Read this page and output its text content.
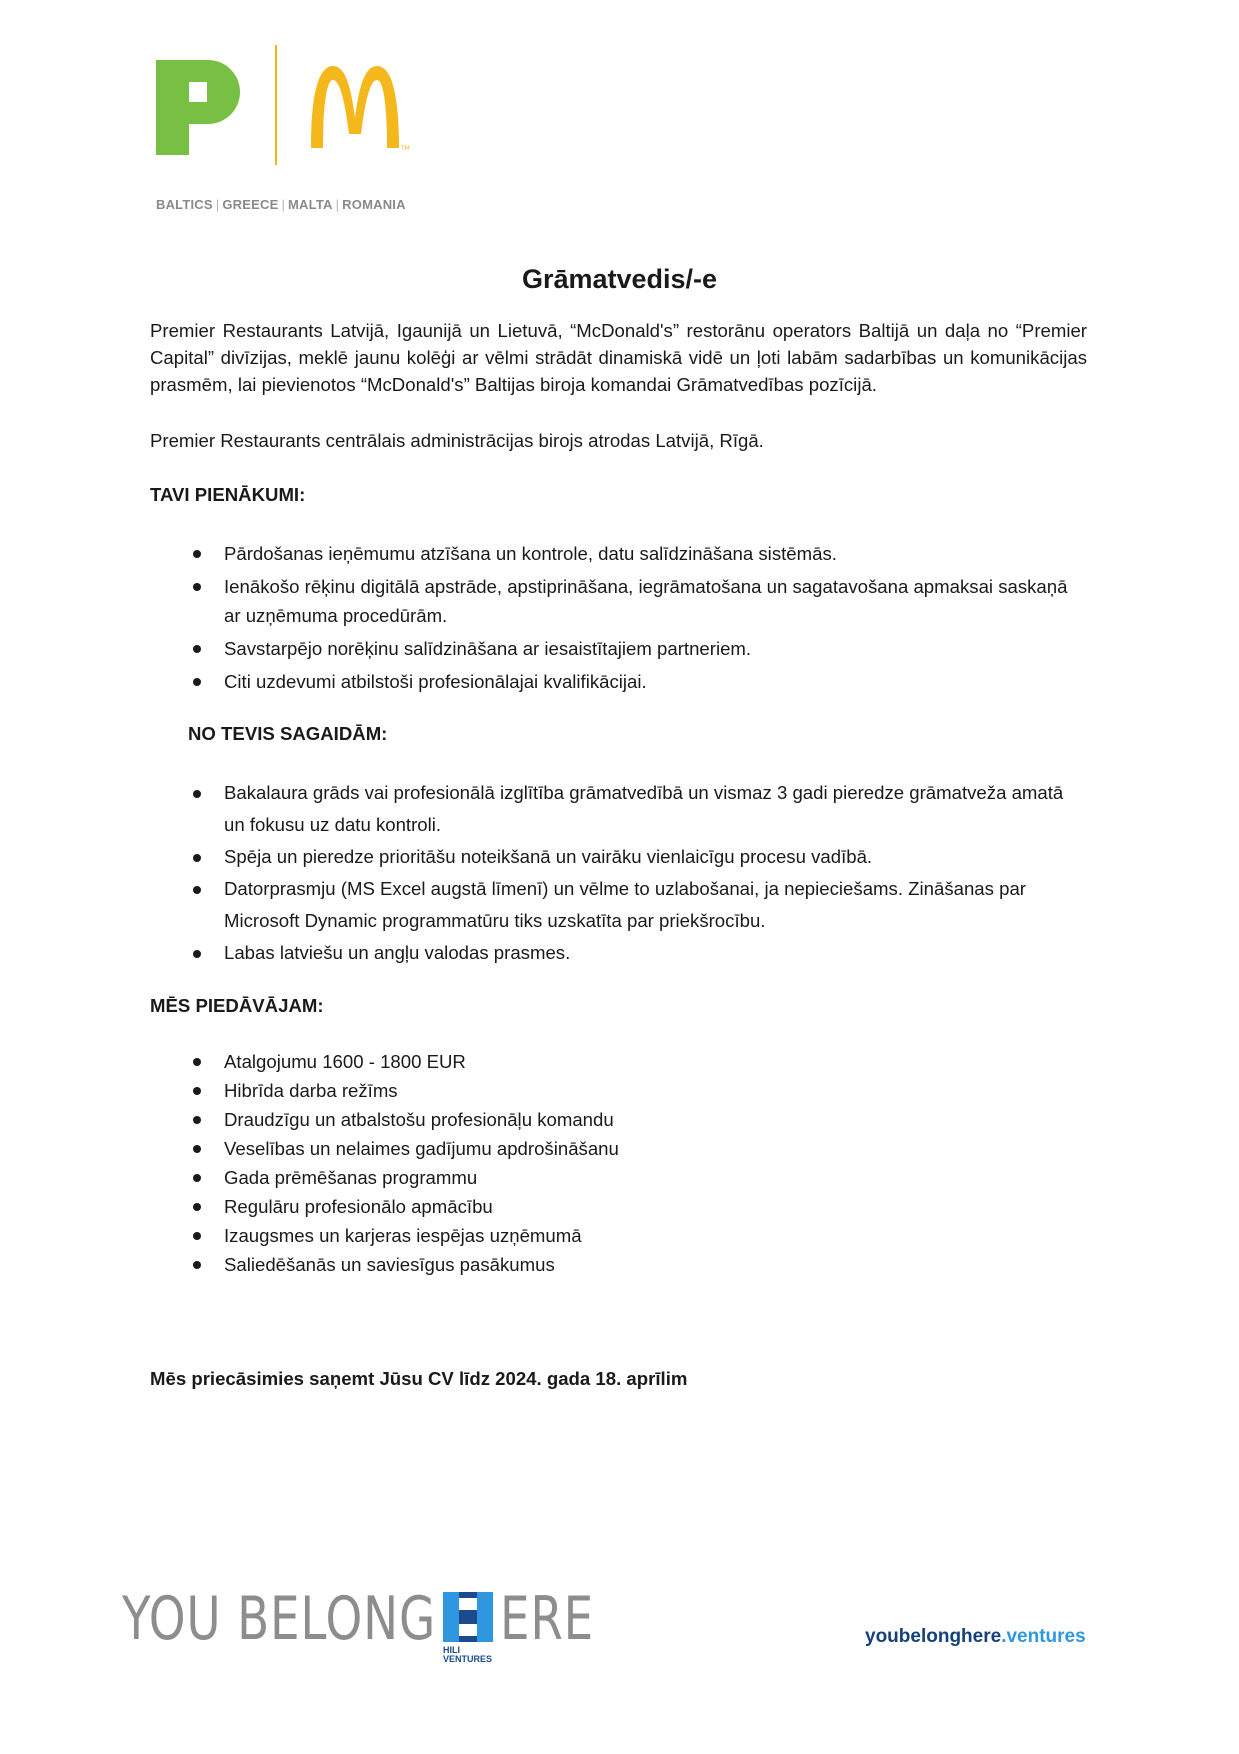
TM
BALTICS | GREECE | MALTA | ROMANIA
Grāmatvedis/-e
Premier Restaurants Latvijā, Igaunijā un Lietuvā, “McDonald's” restorānu operators Baltijā un daļa no “Premier Capital” divīzijas, meklē jaunu kolēģi ar vēlmi strādāt dinamiskā vidē un ļoti labām sadarbības un komunikācijas prasmēm, lai pievienotos “McDonald's” Baltijas biroja komandai Grāmatvedības pozīcijā.
Premier Restaurants centrālais administrācijas birojs atrodas Latvijā, Rīgā.
TAVI PIENĀKUMI:
Pārdošanas ieņēmumu atzīšana un kontrole, datu salīdzināšana sistēmās.
Ienākošo rēķinu digitālā apstrāde, apstiprināšana, iegrāmatošana un sagatavošana apmaksai saskaņā ar uzņēmuma procedūrām.
Savstarpējo norēķinu salīdzināšana ar iesaistītajiem partneriem.
Citi uzdevumi atbilstoši profesionālajai kvalifikācijai.
NO TEVIS SAGAIDĀM:
Bakalaura grāds vai profesionālā izglītība grāmatvedībā un vismaz 3 gadi pieredze grāmatveža amatā un fokusu uz datu kontroli.
Spēja un pieredze prioritāšu noteikšanā un vairāku vienlaicīgu procesu vadībā.
Datorprasmju (MS Excel augstā līmenī) un vēlme to uzlabošanai, ja nepieciešams. Zināšanas par Microsoft Dynamic programmatūru tiks uzskatīta par priekšrocību.
Labas latviešu un angļu valodas prasmes.
MĒS PIEDĀVĀJAM:
Atalgojumu 1600 - 1800 EUR
Hibrīda darba režīms
Draudzīgu un atbalstošu profesionāļu komandu
Veselības un nelaimes gadījumu apdrošināšanu
Gada prēmēšanas programmu
Regulāru profesionālo apmācību
Izaugsmes un karjeras iespējas uzņēmumā
Saliedēšanās un saviesīgus pasākumus
Mēs priecāsimies saņemt Jūsu CV līdz 2024. gada 18. aprīlim
YOU BELONG ERE
HILI
VENTURES
youbelonghere.ventures
